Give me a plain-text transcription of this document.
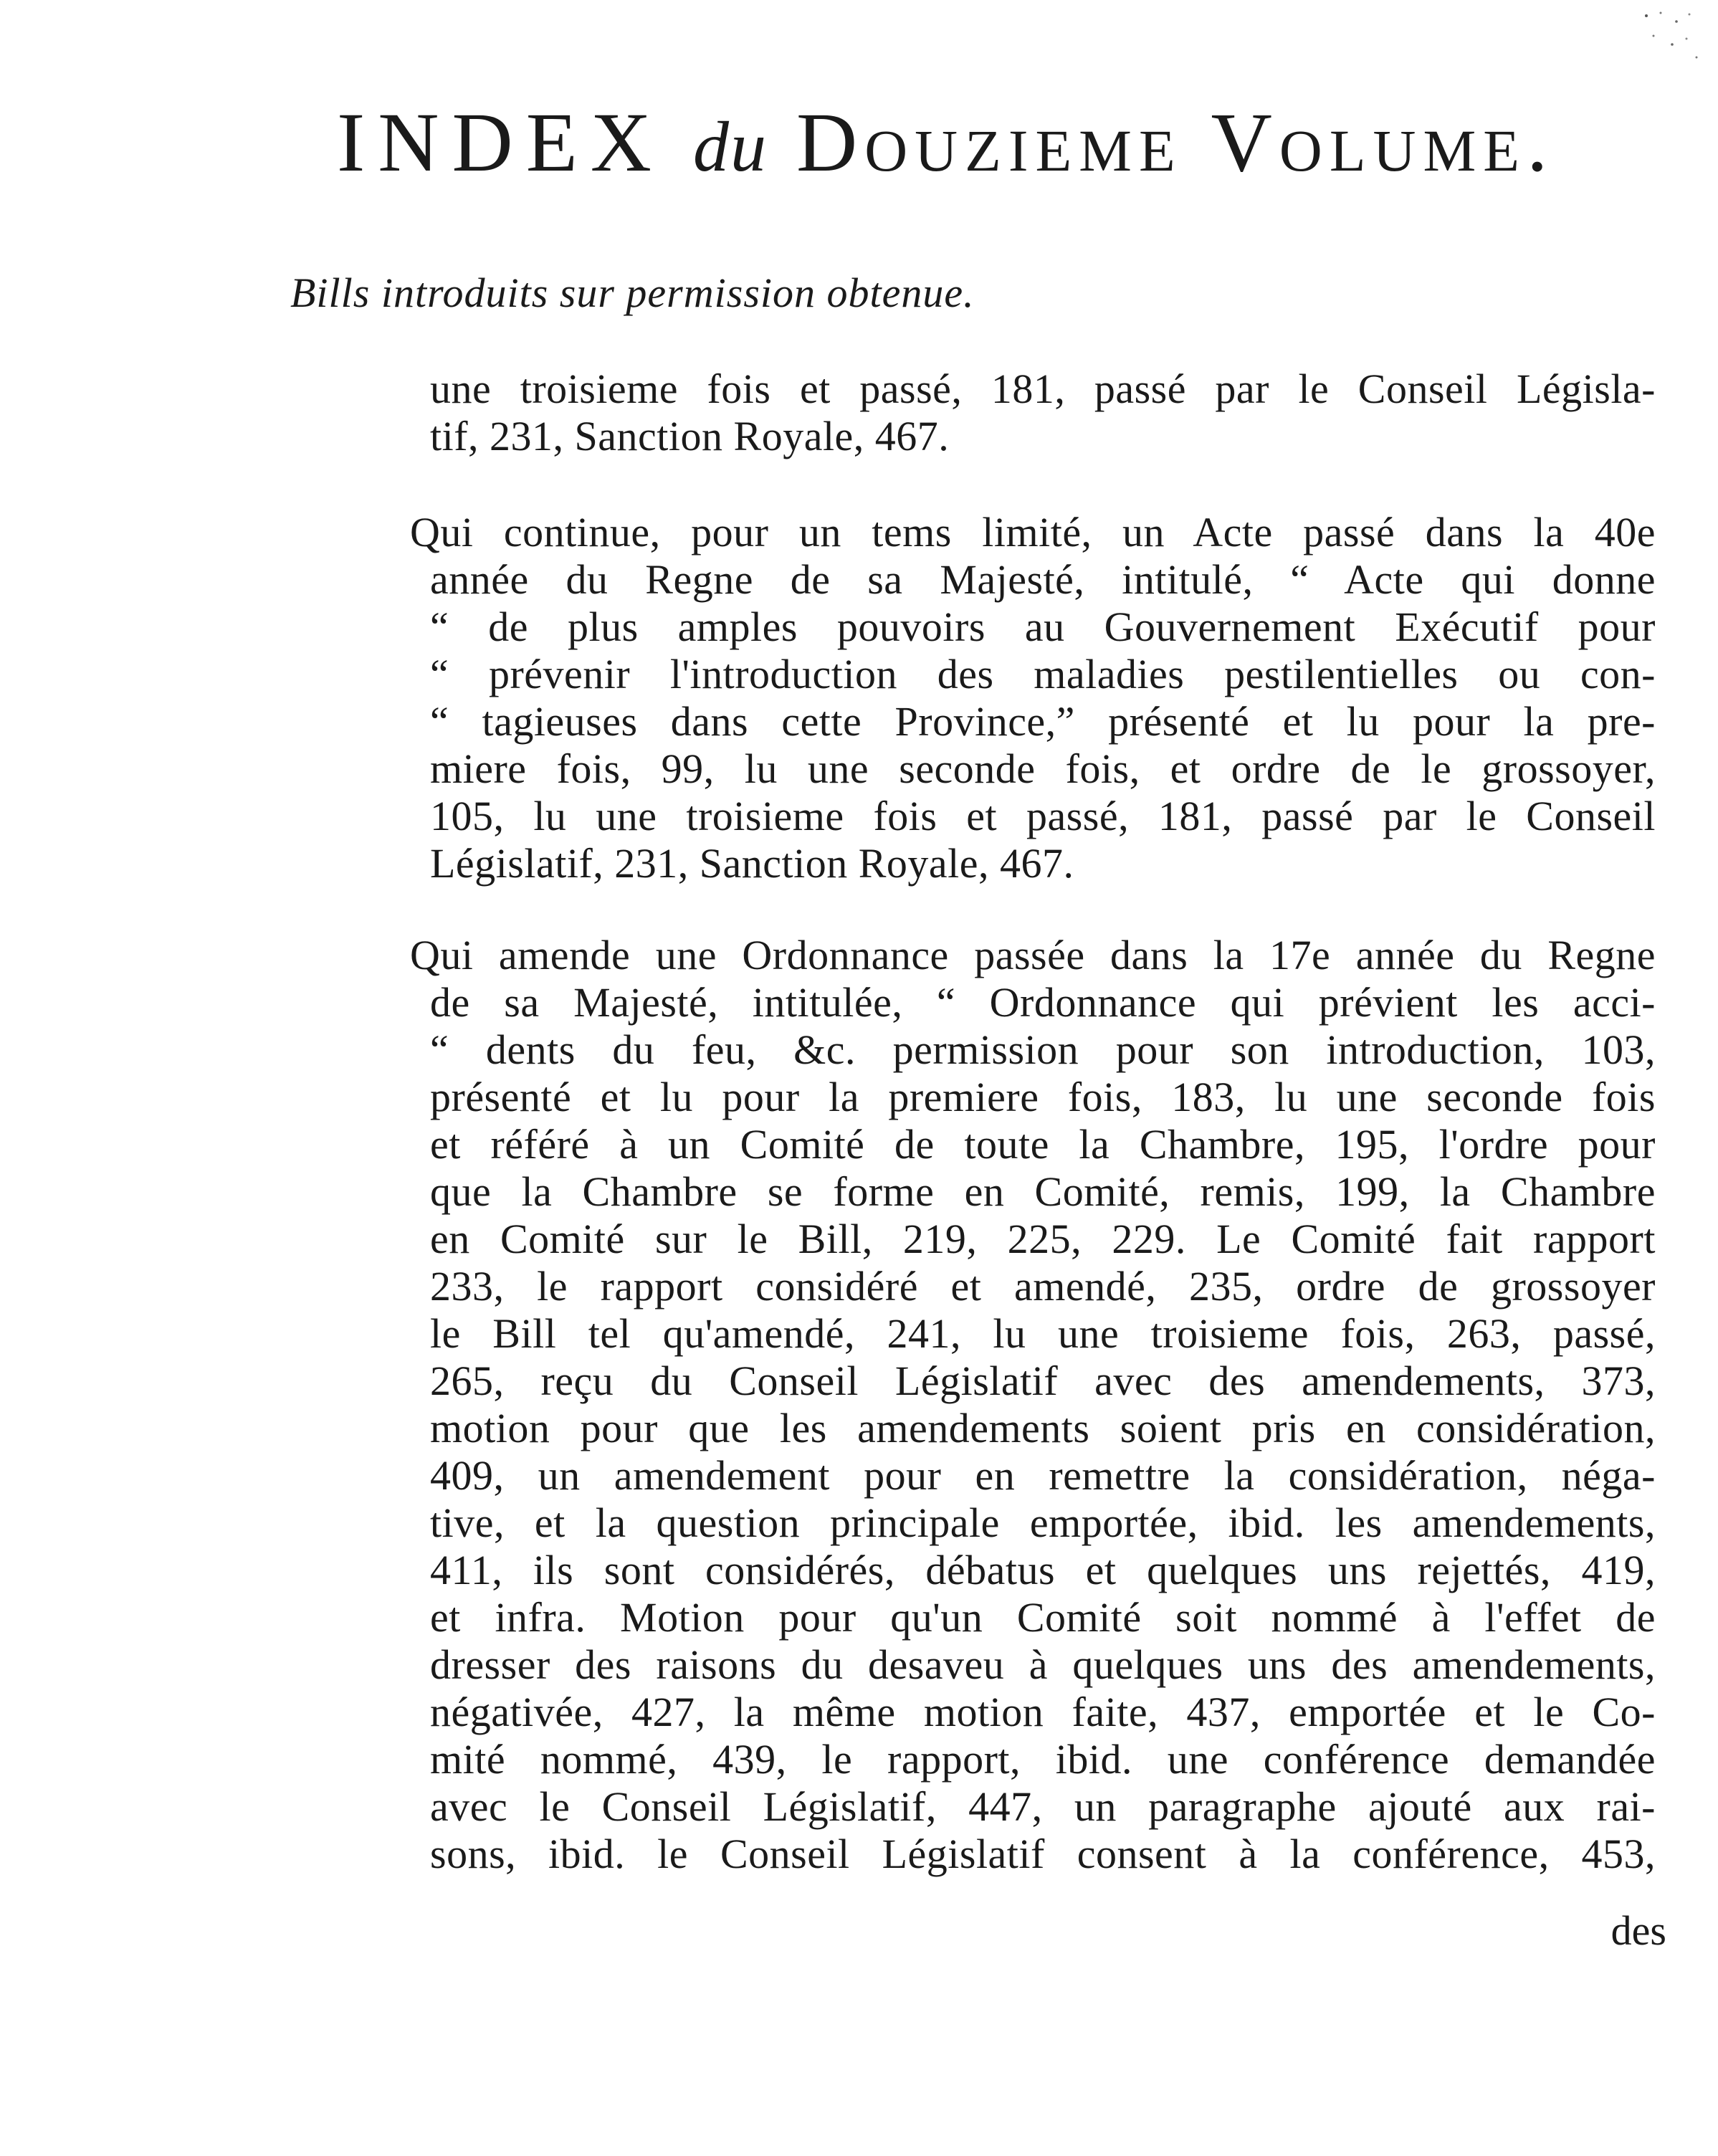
INDEX du Douzieme Volume.
Bills introduits sur permission obtenue.
une troisieme fois et passé, 181, passé par le Conseil Législa-
tif, 231, Sanction Royale, 467.
Qui continue, pour un tems limité, un Acte passé dans la 40e
année du Regne de sa Majesté, intitulé, “ Acte qui donne
“ de plus amples pouvoirs au Gouvernement Exécutif pour
“ prévenir l'introduction des maladies pestilentielles ou con-
“ tagieuses dans cette Province,” présenté et lu pour la pre-
miere fois, 99, lu une seconde fois, et ordre de le grossoyer,
105, lu une troisieme fois et passé, 181, passé par le Conseil
Législatif, 231, Sanction Royale, 467.
Qui amende une Ordonnance passée dans la 17e année du Regne
de sa Majesté, intitulée, “ Ordonnance qui prévient les acci-
“ dents du feu, &c. permission pour son introduction, 103,
présenté et lu pour la premiere fois, 183, lu une seconde fois
et référé à un Comité de toute la Chambre, 195, l'ordre pour
que la Chambre se forme en Comité, remis, 199, la Chambre
en Comité sur le Bill, 219, 225, 229. Le Comité fait rapport
233, le rapport considéré et amendé, 235, ordre de grossoyer
le Bill tel qu'amendé, 241, lu une troisieme fois, 263, passé,
265, reçu du Conseil Législatif avec des amendements, 373,
motion pour que les amendements soient pris en considération,
409, un amendement pour en remettre la considération, néga-
tive, et la question principale emportée, ibid. les amendements,
411, ils sont considérés, débatus et quelques uns rejettés, 419,
et infra. Motion pour qu'un Comité soit nommé à l'effet de
dresser des raisons du desaveu à quelques uns des amendements,
négativée, 427, la même motion faite, 437, emportée et le Co-
mité nommé, 439, le rapport, ibid. une conférence demandée
avec le Conseil Législatif, 447, un paragraphe ajouté aux rai-
sons, ibid. le Conseil Législatif consent à la conférence, 453,
des
